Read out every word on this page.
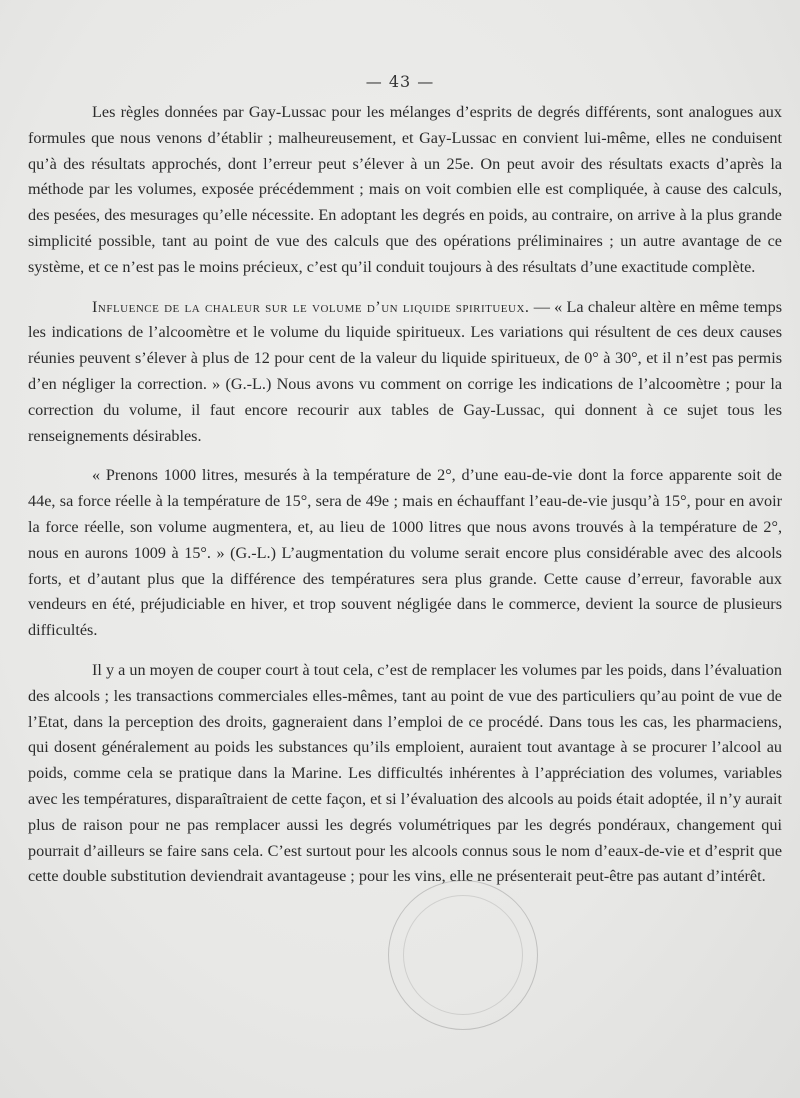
— 43 —

Les règles données par Gay-Lussac pour les mélanges d’esprits de degrés différents, sont analogues aux formules que nous venons d’établir ; malheureusement, et Gay-Lussac en convient lui-même, elles ne conduisent qu’à des résultats approchés, dont l’erreur peut s’élever à un 25e. On peut avoir des résultats exacts d’après la méthode par les volumes, exposée précédemment ; mais on voit combien elle est compliquée, à cause des calculs, des pesées, des mesurages qu’elle nécessite. En adoptant les degrés en poids, au contraire, on arrive à la plus grande simplicité possible, tant au point de vue des calculs que des opérations préliminaires ; un autre avantage de ce système, et ce n’est pas le moins précieux, c’est qu’il conduit toujours à des résultats d’une exactitude complète.

Influence de la chaleur sur le volume d’un liquide spiritueux. — « La chaleur altère en même temps les indications de l’alcoomètre et le volume du liquide spiritueux. Les variations qui résultent de ces deux causes réunies peuvent s’élever à plus de 12 pour cent de la valeur du liquide spiritueux, de 0° à 30°, et il n’est pas permis d’en négliger la correction. » (G.-L.) Nous avons vu comment on corrige les indications de l’alcoomètre ; pour la correction du volume, il faut encore recourir aux tables de Gay-Lussac, qui donnent à ce sujet tous les renseignements désirables.

« Prenons 1000 litres, mesurés à la température de 2°, d’une eau-de-vie dont la force apparente soit de 44e, sa force réelle à la température de 15°, sera de 49e ; mais en échauffant l’eau-de-vie jusqu’à 15°, pour en avoir la force réelle, son volume augmentera, et, au lieu de 1000 litres que nous avons trouvés à la température de 2°, nous en aurons 1009 à 15°. » (G.-L.) L’augmentation du volume serait encore plus considérable avec des alcools forts, et d’autant plus que la différence des températures sera plus grande. Cette cause d’erreur, favorable aux vendeurs en été, préjudiciable en hiver, et trop souvent négligée dans le commerce, devient la source de plusieurs difficultés.

Il y a un moyen de couper court à tout cela, c’est de remplacer les volumes par les poids, dans l’évaluation des alcools ; les transactions commerciales elles-mêmes, tant au point de vue des particuliers qu’au point de vue de l’Etat, dans la perception des droits, gagneraient dans l’emploi de ce procédé. Dans tous les cas, les pharmaciens, qui dosent généralement au poids les substances qu’ils emploient, auraient tout avantage à se procurer l’alcool au poids, comme cela se pratique dans la Marine. Les difficultés inhérentes à l’appréciation des volumes, variables avec les températures, disparaîtraient de cette façon, et si l’évaluation des alcools au poids était adoptée, il n’y aurait plus de raison pour ne pas remplacer aussi les degrés volumétriques par les degrés pondéraux, changement qui pourrait d’ailleurs se faire sans cela. C’est surtout pour les alcools connus sous le nom d’eaux-de-vie et d’esprit que cette double substitution deviendrait avantageuse ; pour les vins, elle ne présenterait peut-être pas autant d’intérêt.
